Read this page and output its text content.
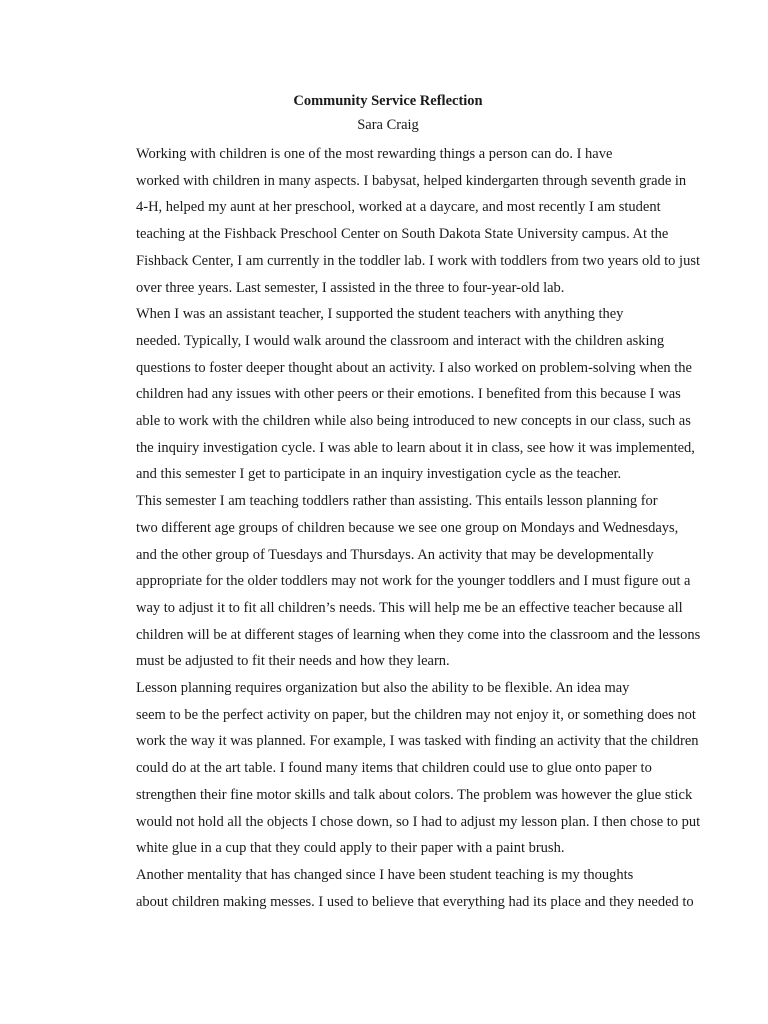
Community Service Reflection
Sara Craig

Working with children is one of the most rewarding things a person can do. I have
worked with children in many aspects. I babysat, helped kindergarten through seventh grade in
4-H, helped my aunt at her preschool, worked at a daycare, and most recently I am student
teaching at the Fishback Preschool Center on South Dakota State University campus. At the
Fishback Center, I am currently in the toddler lab. I work with toddlers from two years old to just
over three years. Last semester, I assisted in the three to four-year-old lab.

When I was an assistant teacher, I supported the student teachers with anything they
needed. Typically, I would walk around the classroom and interact with the children asking
questions to foster deeper thought about an activity. I also worked on problem-solving when the
children had any issues with other peers or their emotions. I benefited from this because I was
able to work with the children while also being introduced to new concepts in our class, such as
the inquiry investigation cycle. I was able to learn about it in class, see how it was implemented,
and this semester I get to participate in an inquiry investigation cycle as the teacher.

This semester I am teaching toddlers rather than assisting. This entails lesson planning for
two different age groups of children because we see one group on Mondays and Wednesdays,
and the other group of Tuesdays and Thursdays. An activity that may be developmentally
appropriate for the older toddlers may not work for the younger toddlers and I must figure out a
way to adjust it to fit all children’s needs. This will help me be an effective teacher because all
children will be at different stages of learning when they come into the classroom and the lessons
must be adjusted to fit their needs and how they learn.

Lesson planning requires organization but also the ability to be flexible. An idea may
seem to be the perfect activity on paper, but the children may not enjoy it, or something does not
work the way it was planned. For example, I was tasked with finding an activity that the children
could do at the art table. I found many items that children could use to glue onto paper to
strengthen their fine motor skills and talk about colors. The problem was however the glue stick
would not hold all the objects I chose down, so I had to adjust my lesson plan. I then chose to put
white glue in a cup that they could apply to their paper with a paint brush.

Another mentality that has changed since I have been student teaching is my thoughts
about children making messes. I used to believe that everything had its place and they needed to
